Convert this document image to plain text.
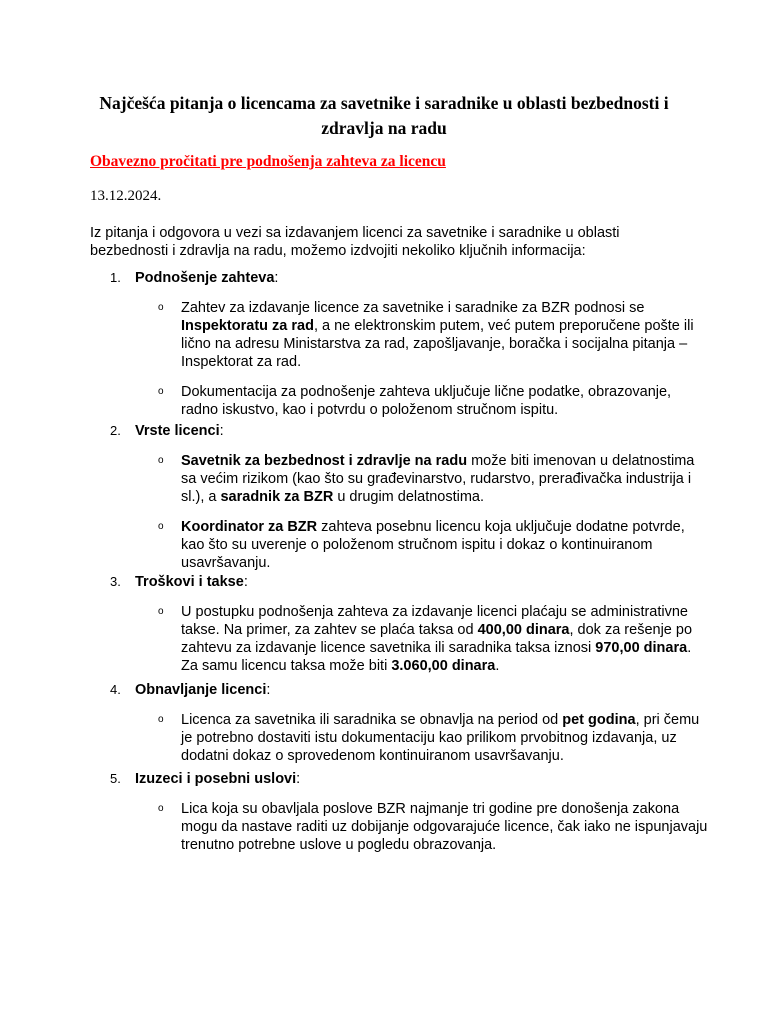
Najčešća pitanja o licencama za savetnike i saradnike u oblasti bezbednosti i zdravlja na radu

Obavezno pročitati pre podnošenja zahteva za licencu

13.12.2024.

Iz pitanja i odgovora u vezi sa izdavanjem licenci za savetnike i saradnike u oblasti bezbednosti i zdravlja na radu, možemo izdvojiti nekoliko ključnih informacija:

1. Podnošenje zahteva:
o Zahtev za izdavanje licence za savetnike i saradnike za BZR podnosi se Inspektoratu za rad, a ne elektronskim putem, već putem preporučene pošte ili lično na adresu Ministarstva za rad, zapošljavanje, boračka i socijalna pitanja – Inspektorat za rad.
o Dokumentacija za podnošenje zahteva uključuje lične podatke, obrazovanje, radno iskustvo, kao i potvrdu o položenom stručnom ispitu.
2. Vrste licenci:
o Savetnik za bezbednost i zdravlje na radu može biti imenovan u delatnostima sa većim rizikom (kao što su građevinarstvo, rudarstvo, prerađivačka industrija i sl.), a saradnik za BZR u drugim delatnostima.
o Koordinator za BZR zahteva posebnu licencu koja uključuje dodatne potvrde, kao što su uverenje o položenom stručnom ispitu i dokaz o kontinuiranom usavršavanju.
3. Troškovi i takse:
o U postupku podnošenja zahteva za izdavanje licenci plaćaju se administrativne takse. Na primer, za zahtev se plaća taksa od 400,00 dinara, dok za rešenje po zahtevu za izdavanje licence savetnika ili saradnika taksa iznosi 970,00 dinara. Za samu licencu taksa može biti 3.060,00 dinara.
4. Obnavljanje licenci:
o Licenca za savetnika ili saradnika se obnavlja na period od pet godina, pri čemu je potrebno dostaviti istu dokumentaciju kao prilikom prvobitnog izdavanja, uz dodatni dokaz o sprovedenom kontinuiranom usavršavanju.
5. Izuzeci i posebni uslovi:
o Lica koja su obavljala poslove BZR najmanje tri godine pre donošenja zakona mogu da nastave raditi uz dobijanje odgovarajuće licence, čak iako ne ispunjavaju trenutno potrebne uslove u pogledu obrazovanja.
